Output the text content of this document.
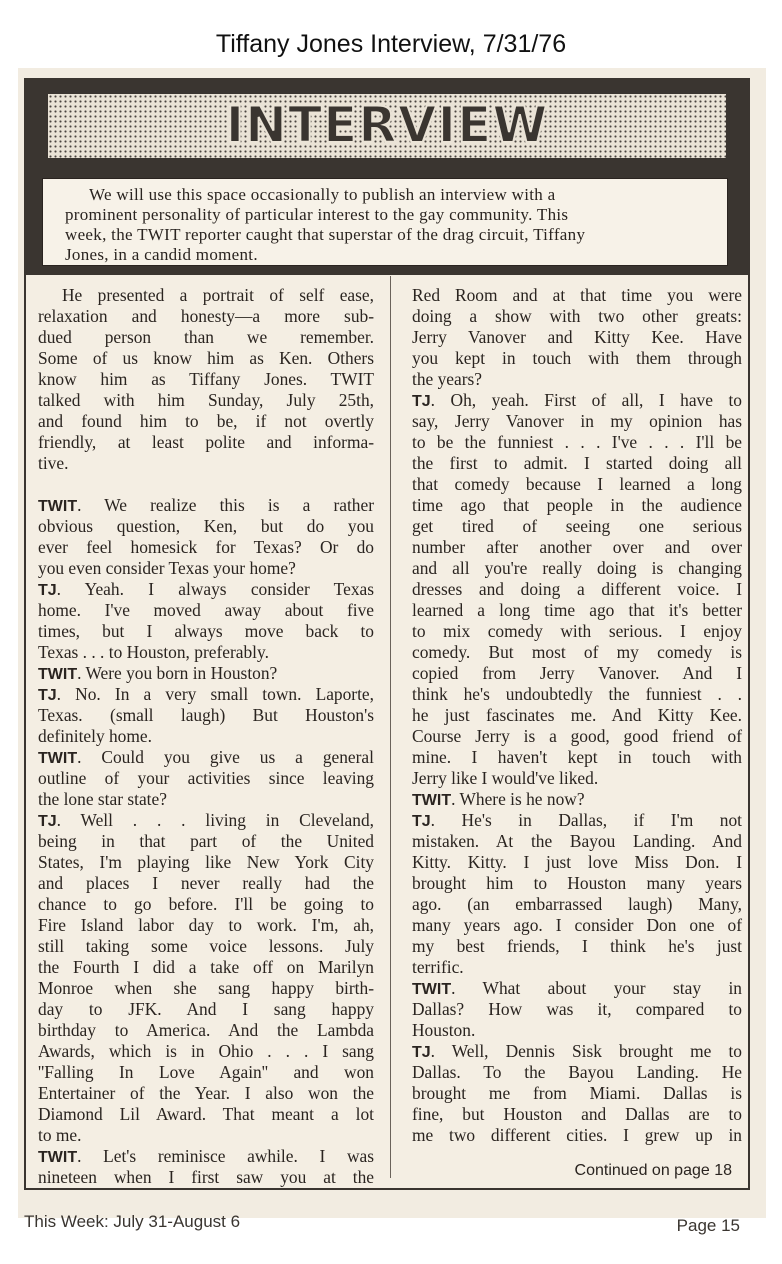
Tiffany Jones Interview, 7/31/76
INTERVIEW
We will use this space occasionally to publish an interview with a
prominent personality of particular interest to the gay community. This
week, the TWIT reporter caught that superstar of the drag circuit, Tiffany
Jones, in a candid moment.
He presented a portrait of self ease,
relaxation and honesty—a more sub-
dued person than we remember.
Some of us know him as Ken. Others
know him as Tiffany Jones. TWIT
talked with him Sunday, July 25th,
and found him to be, if not overtly
friendly, at least polite and informa-
tive.
TWIT. We realize this is a rather
obvious question, Ken, but do you
ever feel homesick for Texas? Or do
you even consider Texas your home?
TJ. Yeah. I always consider Texas
home. I've moved away about five
times, but I always move back to
Texas . . . to Houston, preferably.
TWIT. Were you born in Houston?
TJ. No. In a very small town. Laporte,
Texas. (small laugh) But Houston's
definitely home.
TWIT. Could you give us a general
outline of your activities since leaving
the lone star state?
TJ. Well . . . living in Cleveland,
being in that part of the United
States, I'm playing like New York City
and places I never really had the
chance to go before. I'll be going to
Fire Island labor day to work. I'm, ah,
still taking some voice lessons. July
the Fourth I did a take off on Marilyn
Monroe when she sang happy birth-
day to JFK. And I sang happy
birthday to America. And the Lambda
Awards, which is in Ohio . . . I sang
''Falling In Love Again'' and won
Entertainer of the Year. I also won the
Diamond Lil Award. That meant a lot
to me.
TWIT. Let's reminisce awhile. I was
nineteen when I first saw you at the
Red Room and at that time you were
doing a show with two other greats:
Jerry Vanover and Kitty Kee. Have
you kept in touch with them through
the years?
TJ. Oh, yeah. First of all, I have to
say, Jerry Vanover in my opinion has
to be the funniest . . . I've . . . I'll be
the first to admit. I started doing all
that comedy because I learned a long
time ago that people in the audience
get tired of seeing one serious
number after another over and over
and all you're really doing is changing
dresses and doing a different voice. I
learned a long time ago that it's better
to mix comedy with serious. I enjoy
comedy. But most of my comedy is
copied from Jerry Vanover. And I
think he's undoubtedly the funniest . .
he just fascinates me. And Kitty Kee.
Course Jerry is a good, good friend of
mine. I haven't kept in touch with
Jerry like I would've liked.
TWIT. Where is he now?
TJ. He's in Dallas, if I'm not
mistaken. At the Bayou Landing. And
Kitty. Kitty. I just love Miss Don. I
brought him to Houston many years
ago. (an embarrassed laugh) Many,
many years ago. I consider Don one of
my best friends, I think he's just
terrific.
TWIT. What about your stay in
Dallas? How was it, compared to
Houston.
TJ. Well, Dennis Sisk brought me to
Dallas. To the Bayou Landing. He
brought me from Miami. Dallas is
fine, but Houston and Dallas are to
me two different cities. I grew up in
Continued on page 18
This Week: July 31-August 6	Page 15
